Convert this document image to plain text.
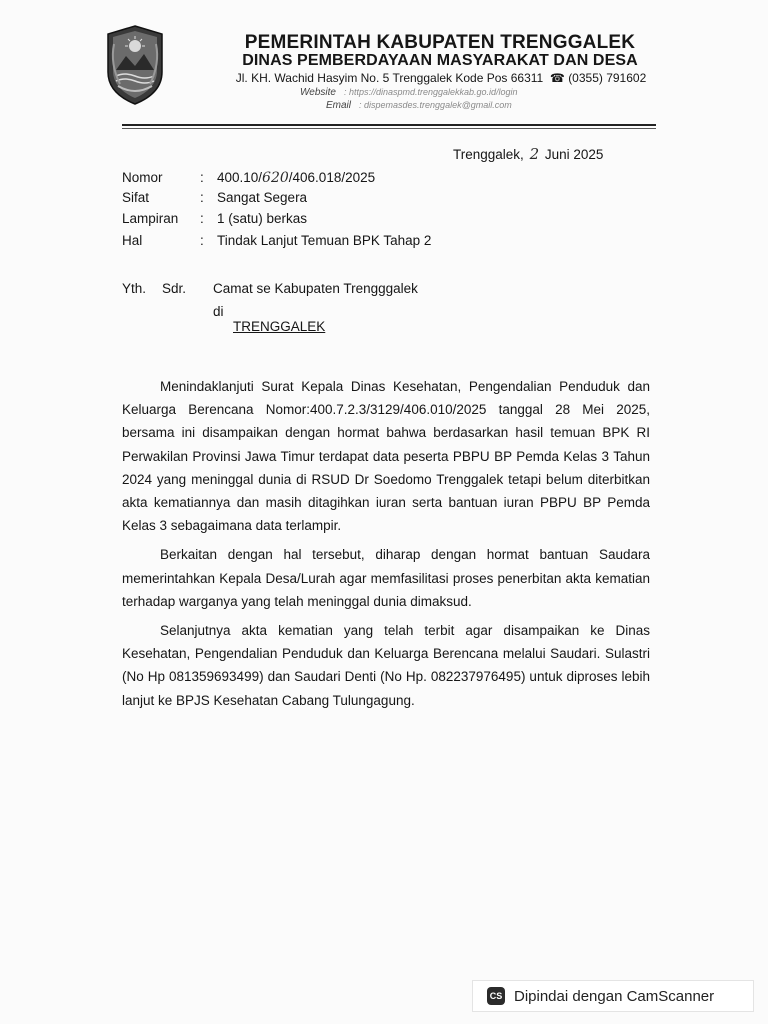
PEMERINTAH KABUPATEN TRENGGALEK
DINAS PEMBERDAYAAN MASYARAKAT DAN DESA
Jl. KH. Wachid Hasyim No. 5 Trenggalek Kode Pos 66311  ☎ (0355) 791602
Website : https://dinaspmd.trenggalekkab.go.id/login
Email : dispemasdes.trenggalek@gmail.com
Trenggalek, 2 Juni 2025
Nomor	: 400.10/620/406.018/2025
Sifat	: Sangat Segera
Lampiran : 1 (satu) berkas
Hal	: Tindak Lanjut Temuan BPK Tahap 2
Yth. Sdr. Camat se Kabupaten Trengggalek
di
TRENGGALEK

Menindaklanjuti Surat Kepala Dinas Kesehatan, Pengendalian Penduduk dan Keluarga Berencana Nomor:400.7.2.3/3129/406.010/2025 tanggal 28 Mei 2025, bersama ini disampaikan dengan hormat bahwa berdasarkan hasil temuan BPK RI Perwakilan Provinsi Jawa Timur terdapat data peserta PBPU BP Pemda Kelas 3 Tahun 2024 yang meninggal dunia di RSUD Dr Soedomo Trenggalek tetapi belum diterbitkan akta kematiannya dan masih ditagihkan iuran serta bantuan iuran PBPU BP Pemda Kelas 3 sebagaimana data terlampir.

Berkaitan dengan hal tersebut, diharap dengan hormat bantuan Saudara memerintahkan Kepala Desa/Lurah agar memfasilitasi proses penerbitan akta kematian terhadap warganya yang telah meninggal dunia dimaksud.

Selanjutnya akta kematian yang telah terbit agar disampaikan ke Dinas Kesehatan, Pengendalian Penduduk dan Keluarga Berencana melalui Saudari. Sulastri (No Hp 081359693499) dan Saudari Denti (No Hp. 082237976495) untuk diproses lebih lanjut ke BPJS Kesehatan Cabang Tulungagung.

CS Dipindai dengan CamScanner
